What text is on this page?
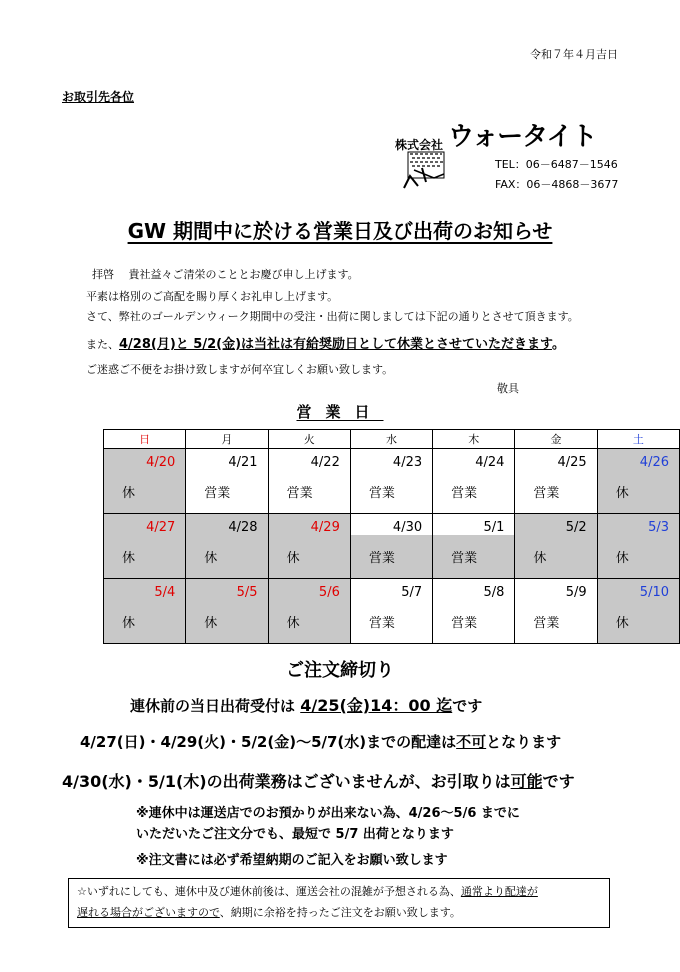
令和７年４月吉日
お取引先各位
株式会社 ウォータイト
TEL：06－6487－1546
FAX：06－4868－3677
GW 期間中に於ける営業日及び出荷のお知らせ
拝啓　 貴社益々ご清栄のこととお慶び申し上げます。
平素は格別のご高配を賜り厚くお礼申し上げます。
さて、弊社のゴールデンウィーク期間中の受注・出荷に関しましては下記の通りとさせて頂きます。
また、4/28(月)と 5/2(金)は当社は有給奨励日として休業とさせていただきます。
ご迷惑ご不便をお掛け致しますが何卒宜しくお願い致します。
敬具
営業日
日	月	火	水	木	金	土
4/20	4/21	4/22	4/23	4/24	4/25	4/26
休	営業	営業	営業	営業	営業	休
4/27	4/28	4/29	4/30	5/1	5/2	5/3
休	休	休	営業	営業	休	休
5/4	5/5	5/6	5/7	5/8	5/9	5/10
休	休	休	営業	営業	営業	休
ご注文締切り
連休前の当日出荷受付は 4/25(金)14：00 迄です
4/27(日)・4/29(火)・5/2(金)～5/7(水)までの配達は不可となります
4/30(水)・5/1(木)の出荷業務はございませんが、お引取りは可能です
※連休中は運送店でのお預かりが出来ない為、4/26～5/6 までに
いただいたご注文分でも、最短で 5/7 出荷となります
※注文書には必ず希望納期のご記入をお願い致します
☆いずれにしても、連休中及び連休前後は、運送会社の混雑が予想される為、通常より配達が
遅れる場合がございますので、納期に余裕を持ったご注文をお願い致します。
